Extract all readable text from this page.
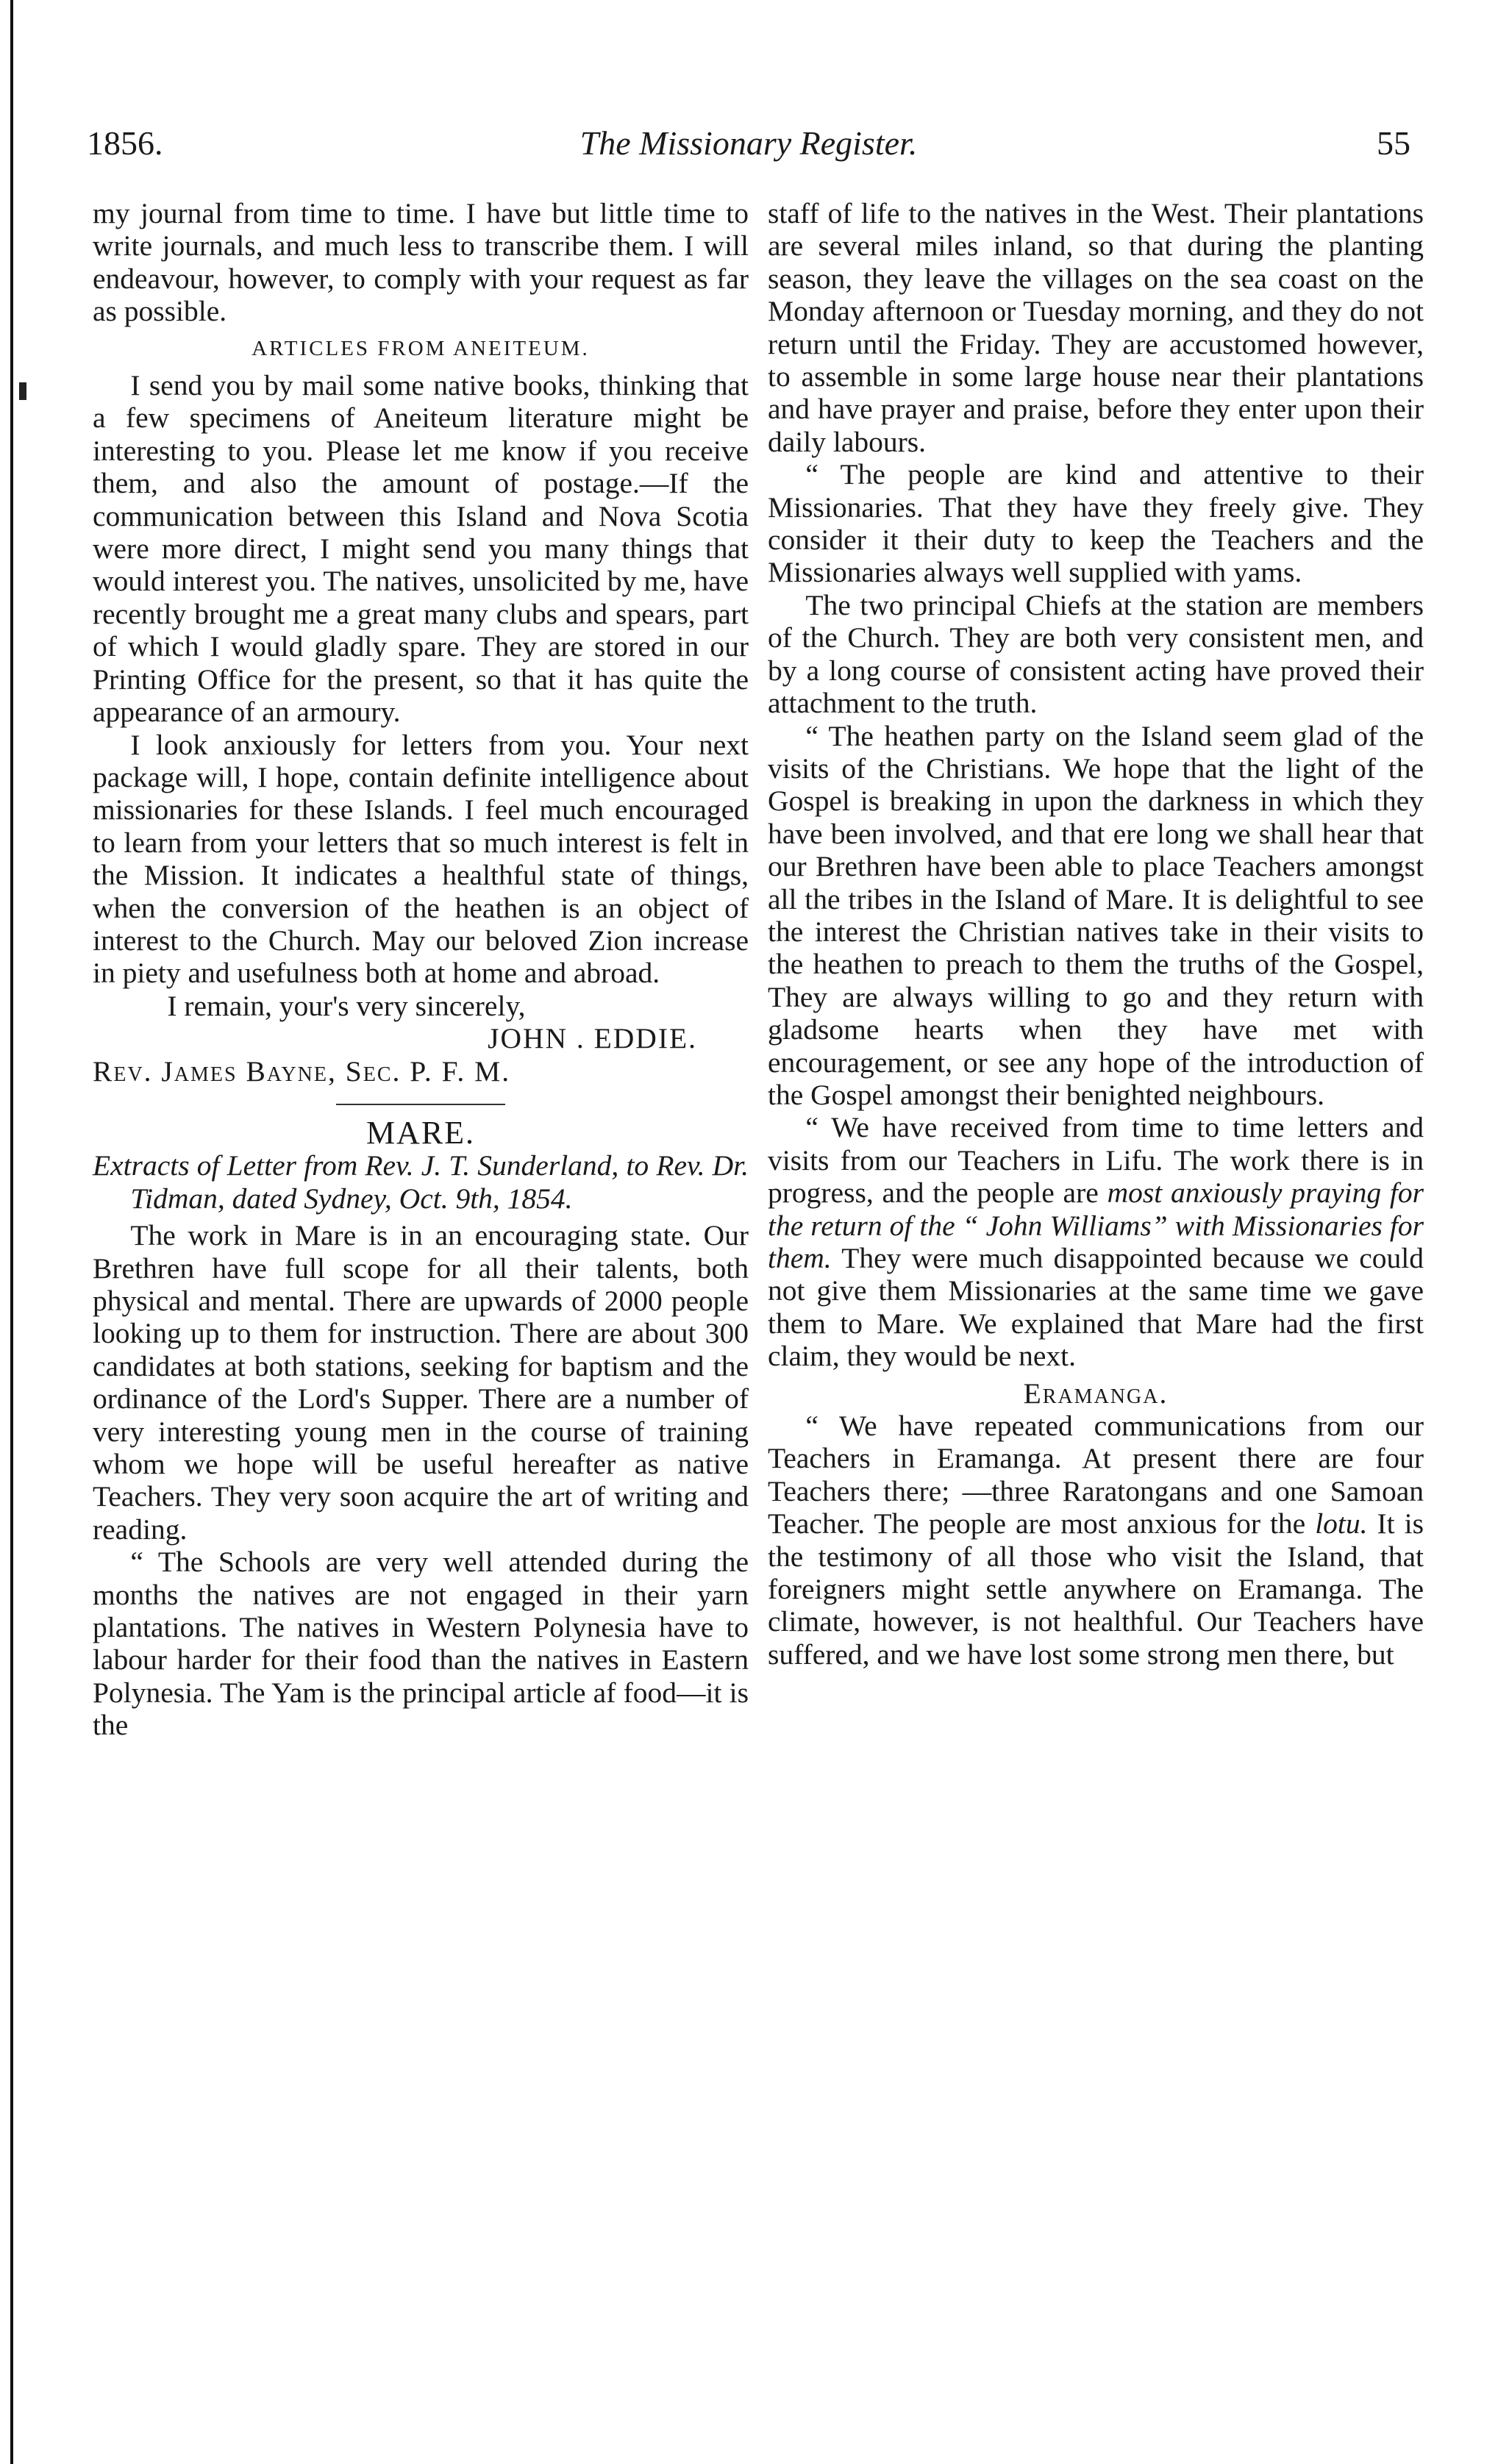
1856.	The Missionary Register.	55

my journal from time to time. I have but little time to write journals, and much less to transcribe them. I will endeavour, however, to comply with your request as far as possible.

ARTICLES FROM ANEITEUM.

I send you by mail some native books, thinking that a few specimens of Aneiteum literature might be interesting to you. Please let me know if you receive them, and also the amount of postage.—If the communication between this Island and Nova Scotia were more direct, I might send you many things that would interest you. The natives, unsolicited by me, have recently brought me a great many clubs and spears, part of which I would gladly spare. They are stored in our Printing Office for the present, so that it has quite the appearance of an armoury.

I look anxiously for letters from you. Your next package will, I hope, contain definite intelligence about missionaries for these Islands. I feel much encouraged to learn from your letters that so much interest is felt in the Mission. It indicates a healthful state of things, when the conversion of the heathen is an object of interest to the Church. May our beloved Zion increase in piety and usefulness both at home and abroad.

I remain, your's very sincerely,

JOHN . EDDIE.

Rev. James Bayne, Sec. P. F. M.

MARE.

Extracts of Letter from Rev. J. T. Sunderland, to Rev. Dr. Tidman, dated Sydney, Oct. 9th, 1854.

The work in Mare is in an encouraging state. Our Brethren have full scope for all their talents, both physical and mental. There are upwards of 2000 people looking up to them for instruction. There are about 300 candidates at both stations, seeking for baptism and the ordinance of the Lord's Supper. There are a number of very interesting young men in the course of training whom we hope will be useful hereafter as native Teachers. They very soon acquire the art of writing and reading.

“ The Schools are very well attended during the months the natives are not engaged in their yarn plantations. The natives in Western Polynesia have to labour harder for their food than the natives in Eastern Polynesia. The Yam is the principal article af food—it is the

staff of life to the natives in the West. Their plantations are several miles inland, so that during the planting season, they leave the villages on the sea coast on the Monday afternoon or Tuesday morning, and they do not return until the Friday. They are accustomed however, to assemble in some large house near their plantations and have prayer and praise, before they enter upon their daily labours.

“ The people are kind and attentive to their Missionaries. That they have they freely give. They consider it their duty to keep the Teachers and the Missionaries always well supplied with yams.

The two principal Chiefs at the station are members of the Church. They are both very consistent men, and by a long course of consistent acting have proved their attachment to the truth.

“ The heathen party on the Island seem glad of the visits of the Christians. We hope that the light of the Gospel is breaking in upon the darkness in which they have been involved, and that ere long we shall hear that our Brethren have been able to place Teachers amongst all the tribes in the Island of Mare. It is delightful to see the interest the Christian natives take in their visits to the heathen to preach to them the truths of the Gospel, They are always willing to go and they return with gladsome hearts when they have met with encouragement, or see any hope of the introduction of the Gospel amongst their benighted neighbours.

“ We have received from time to time letters and visits from our Teachers in Lifu. The work there is in progress, and the people are most anxiously praying for the return of the “ John Williams” with Missionaries for them. They were much disappointed because we could not give them Missionaries at the same time we gave them to Mare. We explained that Mare had the first claim, they would be next.

Eramanga.

“ We have repeated communications from our Teachers in Eramanga. At present there are four Teachers there; —three Raratongans and one Samoan Teacher. The people are most anxious for the lotu. It is the testimony of all those who visit the Island, that foreigners might settle anywhere on Eramanga. The climate, however, is not healthful. Our Teachers have suffered, and we have lost some strong men there, but
